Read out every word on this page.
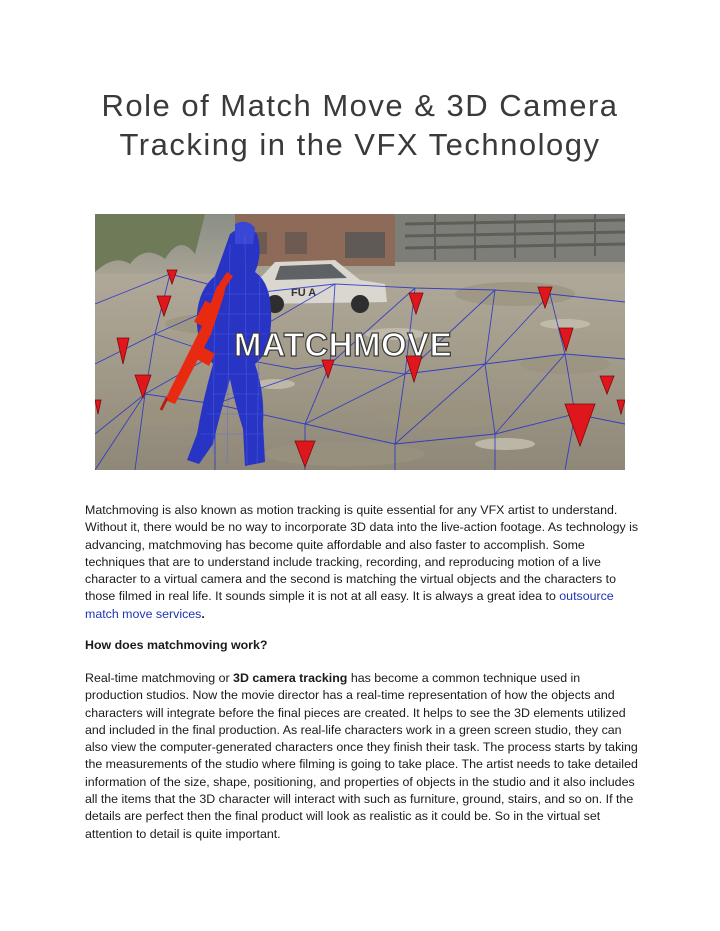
Role of Match Move & 3D Camera Tracking in the VFX Technology
FU A
MATCHMOVE

Matchmoving is also known as motion tracking is quite essential for any VFX artist to understand. Without it, there would be no way to incorporate 3D data into the live-action footage. As technology is advancing, matchmoving has become quite affordable and also faster to accomplish. Some techniques that are to understand include tracking, recording, and reproducing motion of a live character to a virtual camera and the second is matching the virtual objects and the characters to those filmed in real life. It sounds simple it is not at all easy. It is always a great idea to outsource match move services.

How does matchmoving work?

Real-time matchmoving or 3D camera tracking has become a common technique used in production studios. Now the movie director has a real-time representation of how the objects and characters will integrate before the final pieces are created. It helps to see the 3D elements utilized and included in the final production. As real-life characters work in a green screen studio, they can also view the computer-generated characters once they finish their task. The process starts by taking the measurements of the studio where filming is going to take place. The artist needs to take detailed information of the size, shape, positioning, and properties of objects in the studio and it also includes all the items that the 3D character will interact with such as furniture, ground, stairs, and so on. If the details are perfect then the final product will look as realistic as it could be. So in the virtual set attention to detail is quite important.
